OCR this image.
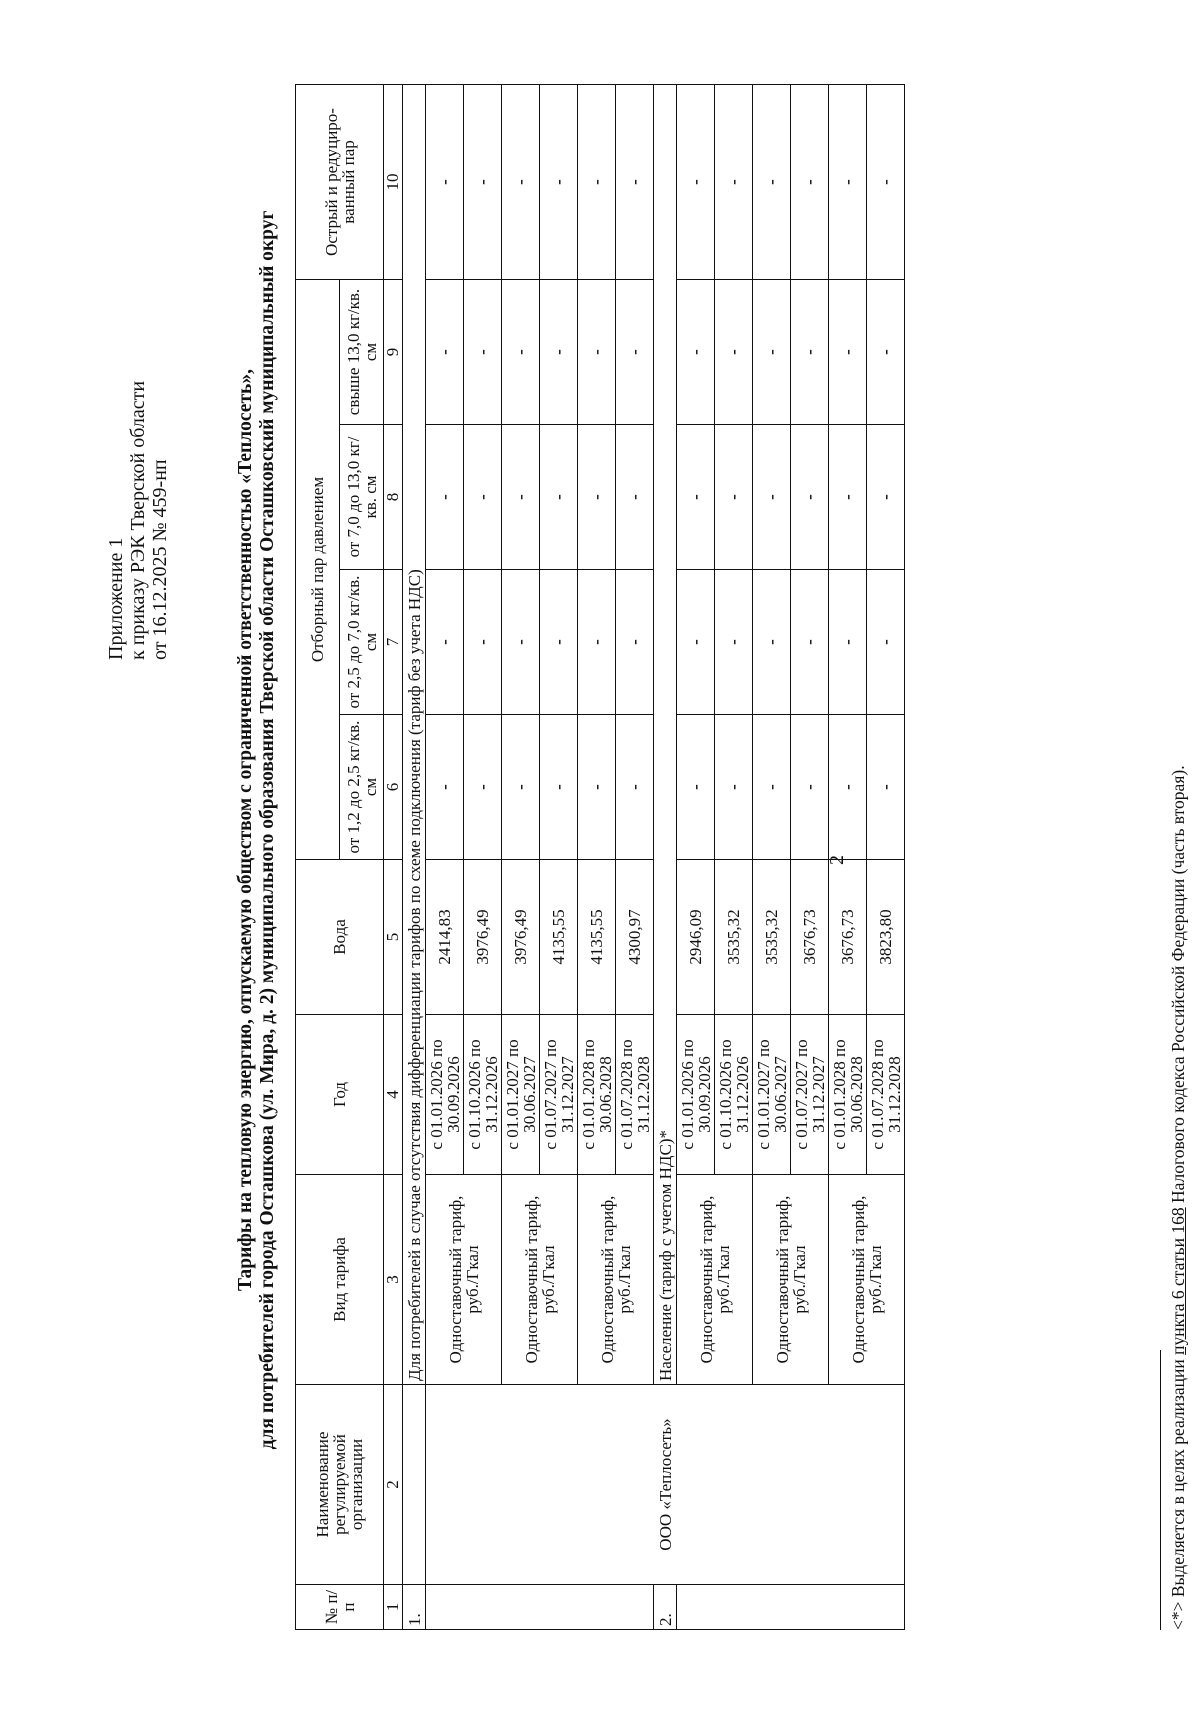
2
Приложение 1 к приказу РЭК Тверской области от 16.12.2025 № 459-нп	Тарифы на тепловую энергию, отпускаемую обществом с ограниченной ответственностью «Теплосеть», для потребителей города Осташкова (ул. Мира, д. 2) муниципального образования Тверской области Осташковский муниципальный округ
№ п/п	Наименование регулируемой организации	Вид тарифа	Год	Вода	Отборный пар давлением				Острый и редуциро-ванный пар
					от 1,2 до 2,5 кг/кв. см	от 2,5 до 7,0 кг/кв. см	от 7,0 до 13,0 кг/кв. см	свыше 13,0 кг/кв. см	
1	2	3	4	5	6	7	8	9	10
1.		Для потребителей в случае отсутствия дифференциации тарифов по схеме подключения (тариф без учета НДС)							
	ООО «Теплосеть»	Одноставочный тариф, руб./Гкал	с 01.01.2026 по 30.09.2026	2414,83	-	-	-	-	-
			с 01.10.2026 по 31.12.2026	3976,49	-	-	-	-	-
		Одноставочный тариф, руб./Гкал	с 01.01.2027 по 30.06.2027	3976,49	-	-	-	-	-
			с 01.07.2027 по 31.12.2027	4135,55	-	-	-	-	-
		Одноставочный тариф, руб./Гкал	с 01.01.2028 по 30.06.2028	4135,55	-	-	-	-	-
			с 01.07.2028 по 31.12.2028	4300,97	-	-	-	-	-
2.		Население (тариф с учетом НДС)*							
		Одноставочный тариф, руб./Гкал	с 01.01.2026 по 30.09.2026	2946,09	-	-	-	-	-
			с 01.10.2026 по 31.12.2026	3535,32	-	-	-	-	-
		Одноставочный тариф, руб./Гкал	с 01.01.2027 по 30.06.2027	3535,32	-	-	-	-	-
			с 01.07.2027 по 31.12.2027	3676,73	-	-	-	-	-
		Одноставочный тариф, руб./Гкал	с 01.01.2028 по 30.06.2028	3676,73	-	-	-	-	-
			с 01.07.2028 по 31.12.2028	3823,80	-	-	-	-	-
<*> Выделяется в целях реализации пункта 6 статьи 168 Налогового кодекса Российской Федерации (часть вторая).
